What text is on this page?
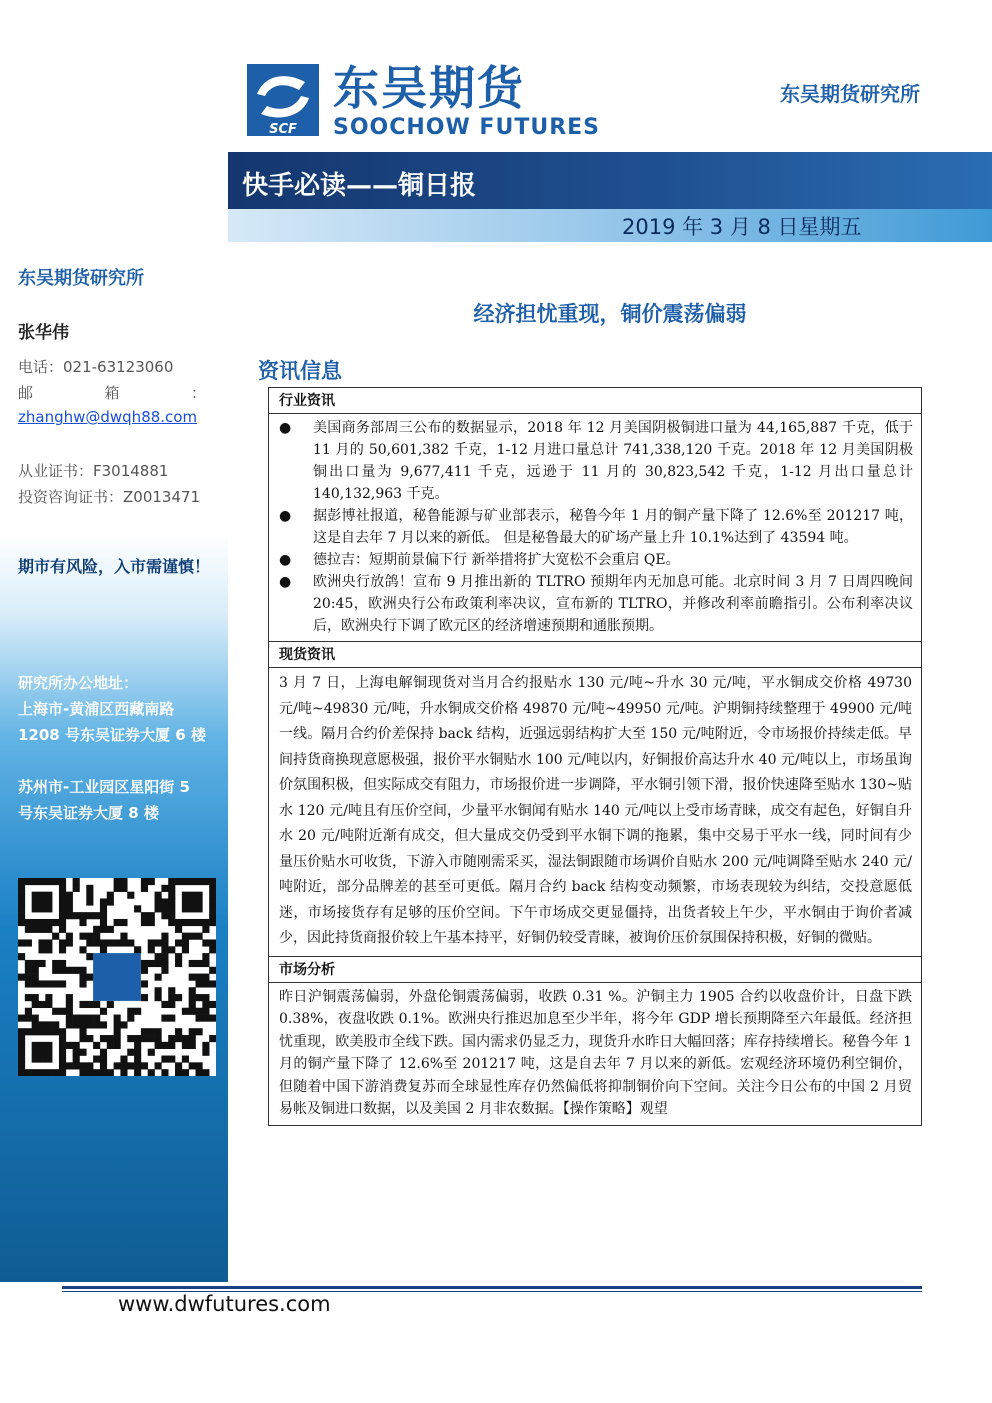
SCF
东吴期货
SOOCHOW FUTURES
东吴期货研究所
快手必读——铜日报
2019 年 3 月 8 日星期五
东吴期货研究所
张华伟
电话：021-63123060
邮	箱	：
zhanghw@dwqh88.com
从业证书：F3014881
投资咨询证书：Z0013471
期市有风险，入市需谨慎！
研究所办公地址：
上海市-黄浦区西藏南路
1208 号东吴证券大厦 6 楼
苏州市-工业园区星阳街 5
号东吴证券大厦 8 楼
经济担忧重现，铜价震荡偏弱
资讯信息
行业资讯
● 美国商务部周三公布的数据显示，2018 年 12 月美国阴极铜进口量为 44,165,887 千克，低于 11 月的 50,601,382 千克，1-12 月进口量总计 741,338,120 千克。2018 年 12 月美国阴极铜出口量为 9,677,411 千克，远逊于 11 月的 30,823,542 千克，1-12 月出口量总计 140,132,963 千克。
● 据彭博社报道，秘鲁能源与矿业部表示，秘鲁今年 1 月的铜产量下降了 12.6%至 201217 吨，这是自去年 7 月以来的新低。 但是秘鲁最大的矿场产量上升 10.1%达到了 43594 吨。
● 德拉吉：短期前景偏下行 新举措将扩大宽松不会重启 QE。
● 欧洲央行放鸽！宣布 9 月推出新的 TLTRO 预期年内无加息可能。北京时间 3 月 7 日周四晚间 20:45，欧洲央行公布政策利率决议，宣布新的 TLTRO，并修改利率前瞻指引。公布利率决议后，欧洲央行下调了欧元区的经济增速预期和通胀预期。
现货资讯
3 月 7 日，上海电解铜现货对当月合约报贴水 130 元/吨~升水 30 元/吨，平水铜成交价格 49730 元/吨~49830 元/吨，升水铜成交价格 49870 元/吨~49950 元/吨。沪期铜持续整理于 49900 元/吨一线。隔月合约价差保持 back 结构，近强远弱结构扩大至 150 元/吨附近，令市场报价持续走低。早间持货商换现意愿极强，报价平水铜贴水 100 元/吨以内，好铜报价高达升水 40 元/吨以上，市场虽询价氛围积极，但实际成交有阻力，市场报价进一步调降，平水铜引领下滑，报价快速降至贴水 130~贴水 120 元/吨且有压价空间，少量平水铜闻有贴水 140 元/吨以上受市场青睐，成交有起色，好铜自升水 20 元/吨附近渐有成交，但大量成交仍受到平水铜下调的拖累，集中交易于平水一线，同时间有少量压价贴水可收货，下游入市随刚需采买，湿法铜跟随市场调价自贴水 200 元/吨调降至贴水 240 元/吨附近，部分品牌差的甚至可更低。隔月合约 back 结构变动频繁，市场表现较为纠结，交投意愿低迷，市场接货存有足够的压价空间。下午市场成交更显僵持，出货者较上午少，平水铜由于询价者减少，因此持货商报价较上午基本持平，好铜仍较受青睐，被询价压价氛围保持积极，好铜的微贴。
市场分析
昨日沪铜震荡偏弱，外盘伦铜震荡偏弱，收跌 0.31 %。沪铜主力 1905 合约以收盘价计，日盘下跌 0.38%，夜盘收跌 0.1%。欧洲央行推迟加息至少半年，将今年 GDP 增长预期降至六年最低。经济担忧重现，欧美股市全线下跌。国内需求仍显乏力，现货升水昨日大幅回落；库存持续增长。秘鲁今年 1 月的铜产量下降了 12.6%至 201217 吨，这是自去年 7 月以来的新低。宏观经济环境仍利空铜价，但随着中国下游消费复苏而全球显性库存仍然偏低将抑制铜价向下空间。关注今日公布的中国 2 月贸易帐及铜进口数据，以及美国 2 月非农数据。【操作策略】观望
www.dwfutures.com
